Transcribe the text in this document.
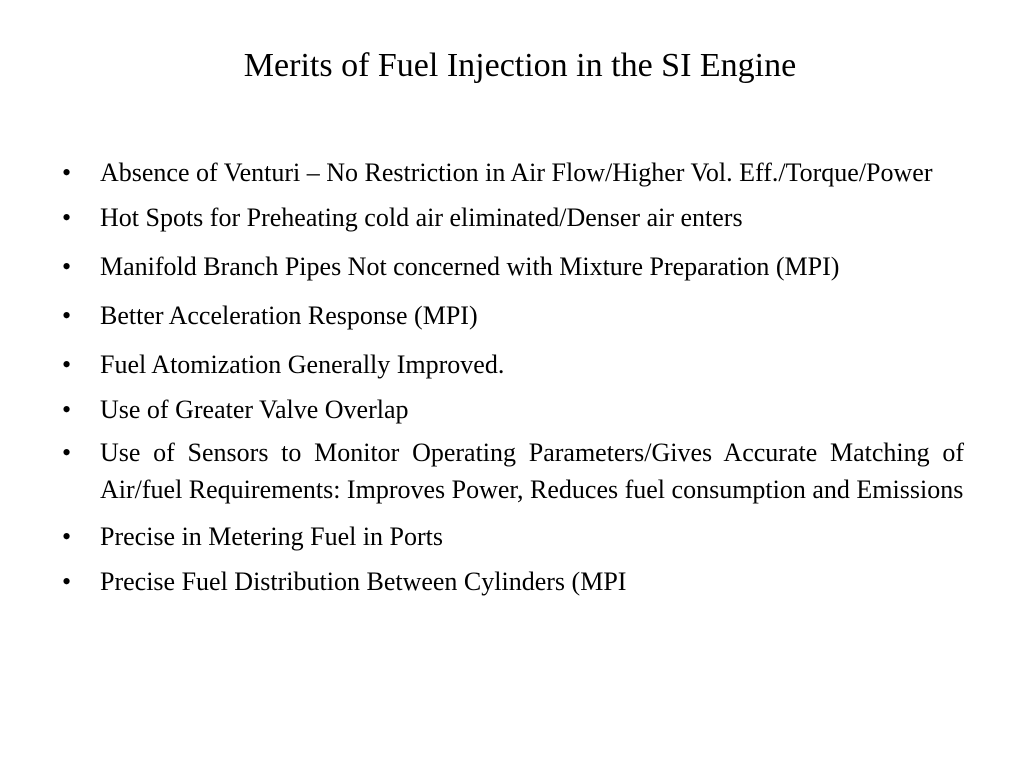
Merits of Fuel Injection in the SI Engine
• Absence of Venturi – No Restriction in Air Flow/Higher Vol. Eff./Torque/Power
• Hot Spots for Preheating cold air eliminated/Denser air enters
• Manifold Branch Pipes Not concerned with Mixture Preparation (MPI)
• Better Acceleration Response (MPI)
• Fuel Atomization Generally Improved.
• Use of Greater Valve Overlap
• Use of Sensors to Monitor Operating Parameters/Gives Accurate Matching of Air/fuel Requirements: Improves Power, Reduces fuel consumption and Emissions
• Precise in Metering Fuel in Ports
• Precise Fuel Distribution Between Cylinders (MPI
